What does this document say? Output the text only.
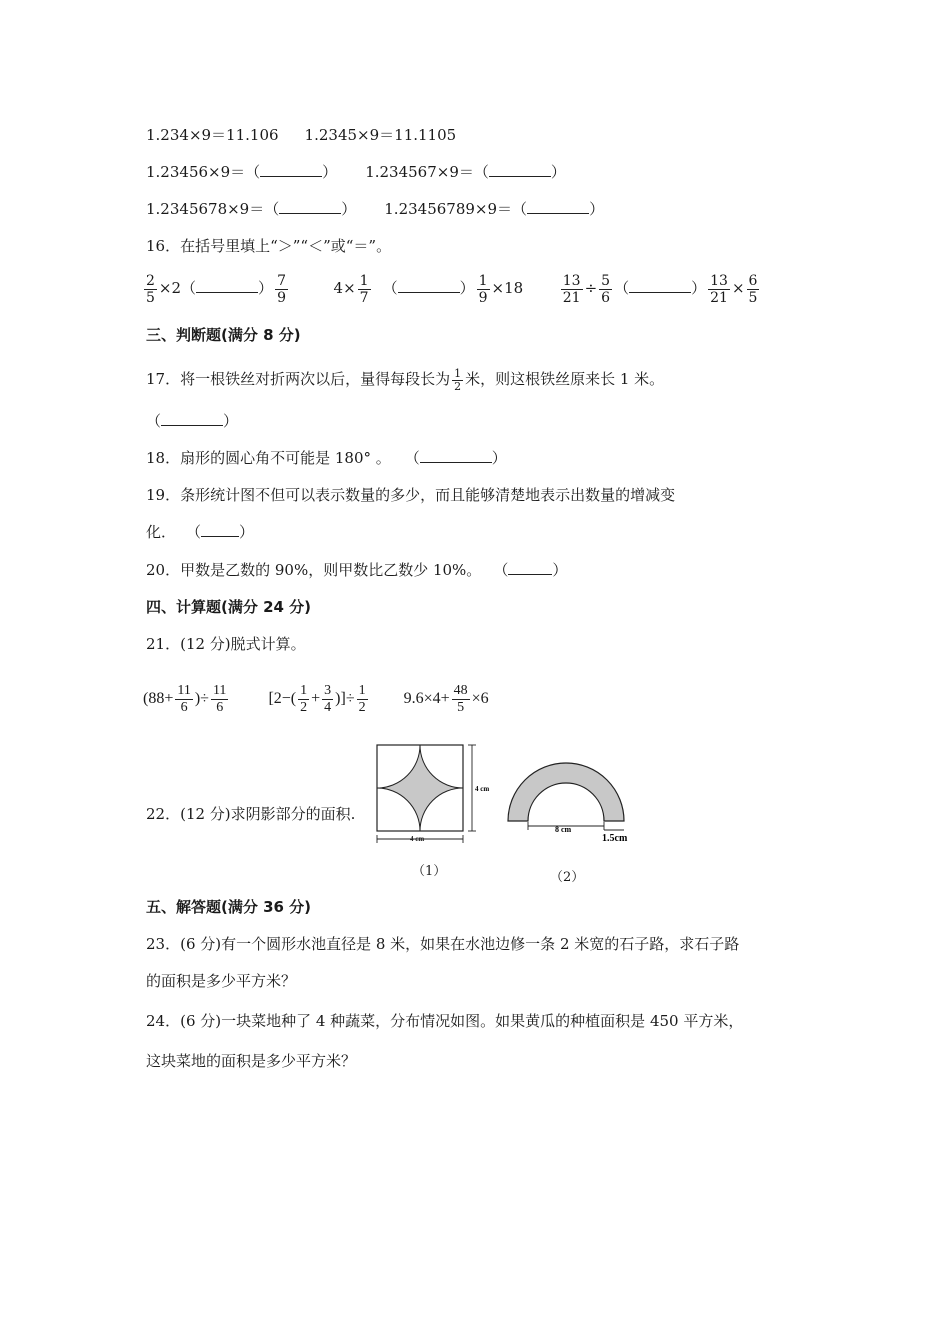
1.234×9＝11.106 1.2345×9＝11.1105
1.23456×9＝（	） 1.234567×9＝（	）
1.2345678×9＝（	） 1.23456789×9＝（	）
16．在括号里填上“＞”“＜”或“＝”。
$\frac{2}{5} \times 2$（	） $\frac{7}{9}$	$4\times \frac{1}{7}$ （	） $\frac{1}{9} \times 18$	$\frac{13}{21} \div \frac{5}{6}$ （	） $\frac{13}{21} \times \frac{6}{5}$
三、判断题(满分 8 分)
17．将一根铁丝对折两次以后，量得每段长为 $\frac{1}{2}$ 米，则这根铁丝原来长 1 米。
（	）
18．扇形的圆心角不可能是 180° 。 （	）
19．条形统计图不但可以表示数量的多少，而且能够清楚地表示出数量的增减变
化． （	）
20．甲数是乙数的 90%，则甲数比乙数少 10%。 （	）
四、计算题(满分 24 分)
21．(12 分)脱式计算。
($88+ \frac{11}{6}$ )÷ $\frac{11}{6}$	[$2-( \frac{1}{2} + \frac{3}{4}$ )]÷ $\frac{1}{2} 9.6\times 4+ \frac{48}{5} \times 6$
22．(12 分)求阴影部分的面积.
4 cm
4 cm
8 cm
1.5cm
（1）	（2）
五、解答题(满分 36 分)
23．(6 分)有一个圆形水池直径是 8 米，如果在水池边修一条 2 米宽的石子路，求石子路
的面积是多少平方米？
24．(6 分)一块菜地种了 4 种蔬菜，分布情况如图。如果黄瓜的种植面积是 450 平方米，
这块菜地的面积是多少平方米？
